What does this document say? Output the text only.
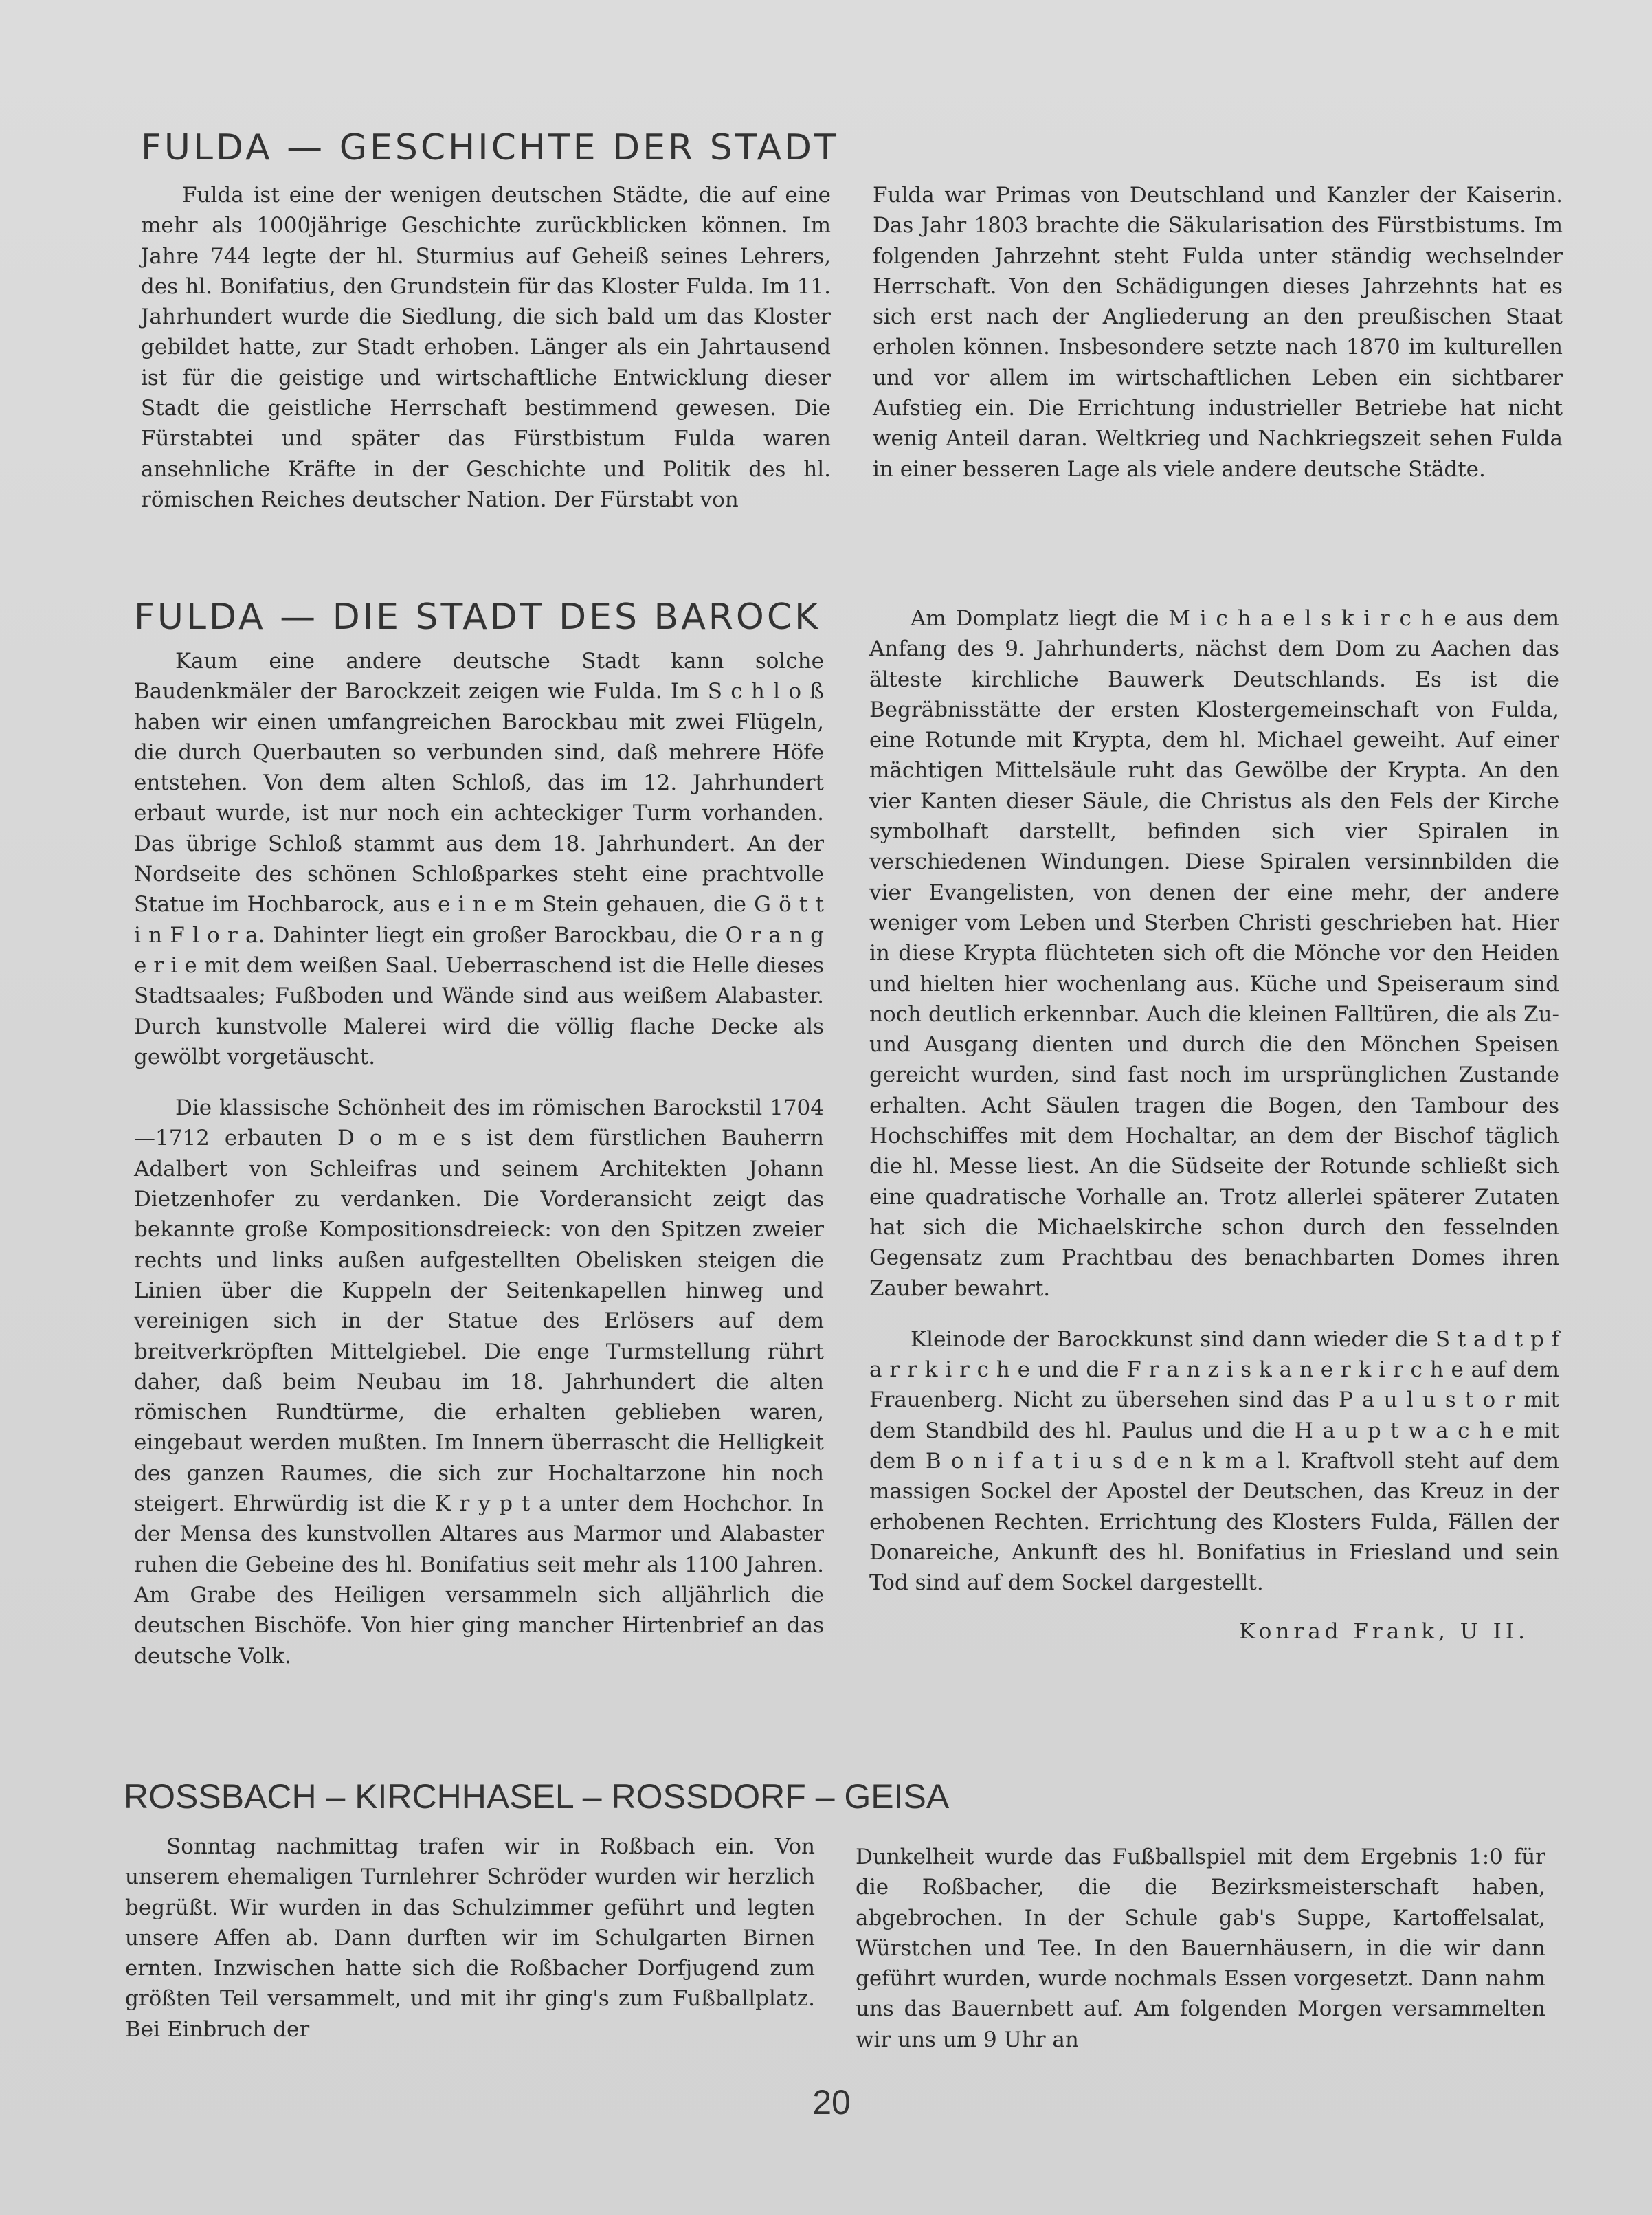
FULDA — GESCHICHTE DER STADT

Fulda ist eine der wenigen deutschen Städte, die auf eine mehr als 1000jährige Geschichte zurückblicken können. Im Jahre 744 legte der hl. Sturmius auf Geheiß seines Lehrers, des hl. Bonifatius, den Grundstein für das Kloster Fulda. Im 11. Jahrhundert wurde die Siedlung, die sich bald um das Kloster gebildet hatte, zur Stadt erhoben. Länger als ein Jahrtausend ist für die geistige und wirtschaftliche Entwicklung dieser Stadt die geistliche Herrschaft bestimmend gewesen. Die Fürstabtei und später das Fürstbistum Fulda waren ansehnliche Kräfte in der Geschichte und Politik des hl. römischen Reiches deutscher Nation. Der Fürstabt von

Fulda war Primas von Deutschland und Kanzler der Kaiserin. Das Jahr 1803 brachte die Säkularisation des Fürstbistums. Im folgenden Jahrzehnt steht Fulda unter ständig wechselnder Herrschaft. Von den Schädigungen dieses Jahrzehnts hat es sich erst nach der Angliederung an den preußischen Staat erholen können. Insbesondere setzte nach 1870 im kulturellen und vor allem im wirtschaftlichen Leben ein sichtbarer Aufstieg ein. Die Errichtung industrieller Betriebe hat nicht wenig Anteil daran. Weltkrieg und Nachkriegszeit sehen Fulda in einer besseren Lage als viele andere deutsche Städte.

FULDA — DIE STADT DES BAROCK

Kaum eine andere deutsche Stadt kann solche Baudenkmäler der Barockzeit zeigen wie Fulda. Im S c h l o ß haben wir einen umfangreichen Barockbau mit zwei Flügeln, die durch Querbauten so verbunden sind, daß mehrere Höfe entstehen. Von dem alten Schloß, das im 12. Jahrhundert erbaut wurde, ist nur noch ein achteckiger Turm vorhanden. Das übrige Schloß stammt aus dem 18. Jahrhundert. An der Nordseite des schönen Schloßparkes steht eine prachtvolle Statue im Hochbarock, aus e i n e m Stein gehauen, die G ö t t i n F l o r a. Dahinter liegt ein großer Barockbau, die O r a n g e r i e mit dem weißen Saal. Ueberraschend ist die Helle dieses Stadtsaales; Fußboden und Wände sind aus weißem Alabaster. Durch kunstvolle Malerei wird die völlig flache Decke als gewölbt vorgetäuscht.

Die klassische Schönheit des im römischen Barockstil 1704—1712 erbauten D o m e s ist dem fürstlichen Bauherrn Adalbert von Schleifras und seinem Architekten Johann Dietzenhofer zu verdanken. Die Vorderansicht zeigt das bekannte große Kompositionsdreieck: von den Spitzen zweier rechts und links außen aufgestellten Obelisken steigen die Linien über die Kuppeln der Seitenkapellen hinweg und vereinigen sich in der Statue des Erlösers auf dem breitverkröpften Mittelgiebel. Die enge Turmstellung rührt daher, daß beim Neubau im 18. Jahrhundert die alten römischen Rundtürme, die erhalten geblieben waren, eingebaut werden mußten. Im Innern überrascht die Helligkeit des ganzen Raumes, die sich zur Hochaltarzone hin noch steigert. Ehrwürdig ist die K r y p t a unter dem Hochchor. In der Mensa des kunstvollen Altares aus Marmor und Alabaster ruhen die Gebeine des hl. Bonifatius seit mehr als 1100 Jahren. Am Grabe des Heiligen versammeln sich alljährlich die deutschen Bischöfe. Von hier ging mancher Hirtenbrief an das deutsche Volk.

Am Domplatz liegt die M i c h a e l s k i r c h e aus dem Anfang des 9. Jahrhunderts, nächst dem Dom zu Aachen das älteste kirchliche Bauwerk Deutschlands. Es ist die Begräbnisstätte der ersten Klostergemeinschaft von Fulda, eine Rotunde mit Krypta, dem hl. Michael geweiht. Auf einer mächtigen Mittelsäule ruht das Gewölbe der Krypta. An den vier Kanten dieser Säule, die Christus als den Fels der Kirche symbolhaft darstellt, befinden sich vier Spiralen in verschiedenen Windungen. Diese Spiralen versinnbilden die vier Evangelisten, von denen der eine mehr, der andere weniger vom Leben und Sterben Christi geschrieben hat. Hier in diese Krypta flüchteten sich oft die Mönche vor den Heiden und hielten hier wochenlang aus. Küche und Speiseraum sind noch deutlich erkennbar. Auch die kleinen Falltüren, die als Zu- und Ausgang dienten und durch die den Mönchen Speisen gereicht wurden, sind fast noch im ursprünglichen Zustande erhalten. Acht Säulen tragen die Bogen, den Tambour des Hochschiffes mit dem Hochaltar, an dem der Bischof täglich die hl. Messe liest. An die Südseite der Rotunde schließt sich eine quadratische Vorhalle an. Trotz allerlei späterer Zutaten hat sich die Michaelskirche schon durch den fesselnden Gegensatz zum Prachtbau des benachbarten Domes ihren Zauber bewahrt.

Kleinode der Barockkunst sind dann wieder die S t a d t p f a r r k i r c h e und die F r a n z i s k a n e r k i r c h e auf dem Frauenberg. Nicht zu übersehen sind das P a u l u s t o r mit dem Standbild des hl. Paulus und die H a u p t w a c h e mit dem B o n i f a t i u s d e n k m a l. Kraftvoll steht auf dem massigen Sockel der Apostel der Deutschen, das Kreuz in der erhobenen Rechten. Errichtung des Klosters Fulda, Fällen der Donareiche, Ankunft des hl. Bonifatius in Friesland und sein Tod sind auf dem Sockel dargestellt.

Konrad Frank, U II.
ROSSBACH – KIRCHHASEL – ROSSDORF – GEISA

Sonntag nachmittag trafen wir in Roßbach ein. Von unserem ehemaligen Turnlehrer Schröder wurden wir herzlich begrüßt. Wir wurden in das Schulzimmer geführt und legten unsere Affen ab. Dann durften wir im Schulgarten Birnen ernten. Inzwischen hatte sich die Roßbacher Dorfjugend zum größten Teil versammelt, und mit ihr ging's zum Fußballplatz. Bei Einbruch der

Dunkelheit wurde das Fußballspiel mit dem Ergebnis 1:0 für die Roßbacher, die die Bezirksmeisterschaft haben, abgebrochen. In der Schule gab's Suppe, Kartoffelsalat, Würstchen und Tee. In den Bauernhäusern, in die wir dann geführt wurden, wurde nochmals Essen vorgesetzt. Dann nahm uns das Bauernbett auf. Am folgenden Morgen versammelten wir uns um 9 Uhr an

20
